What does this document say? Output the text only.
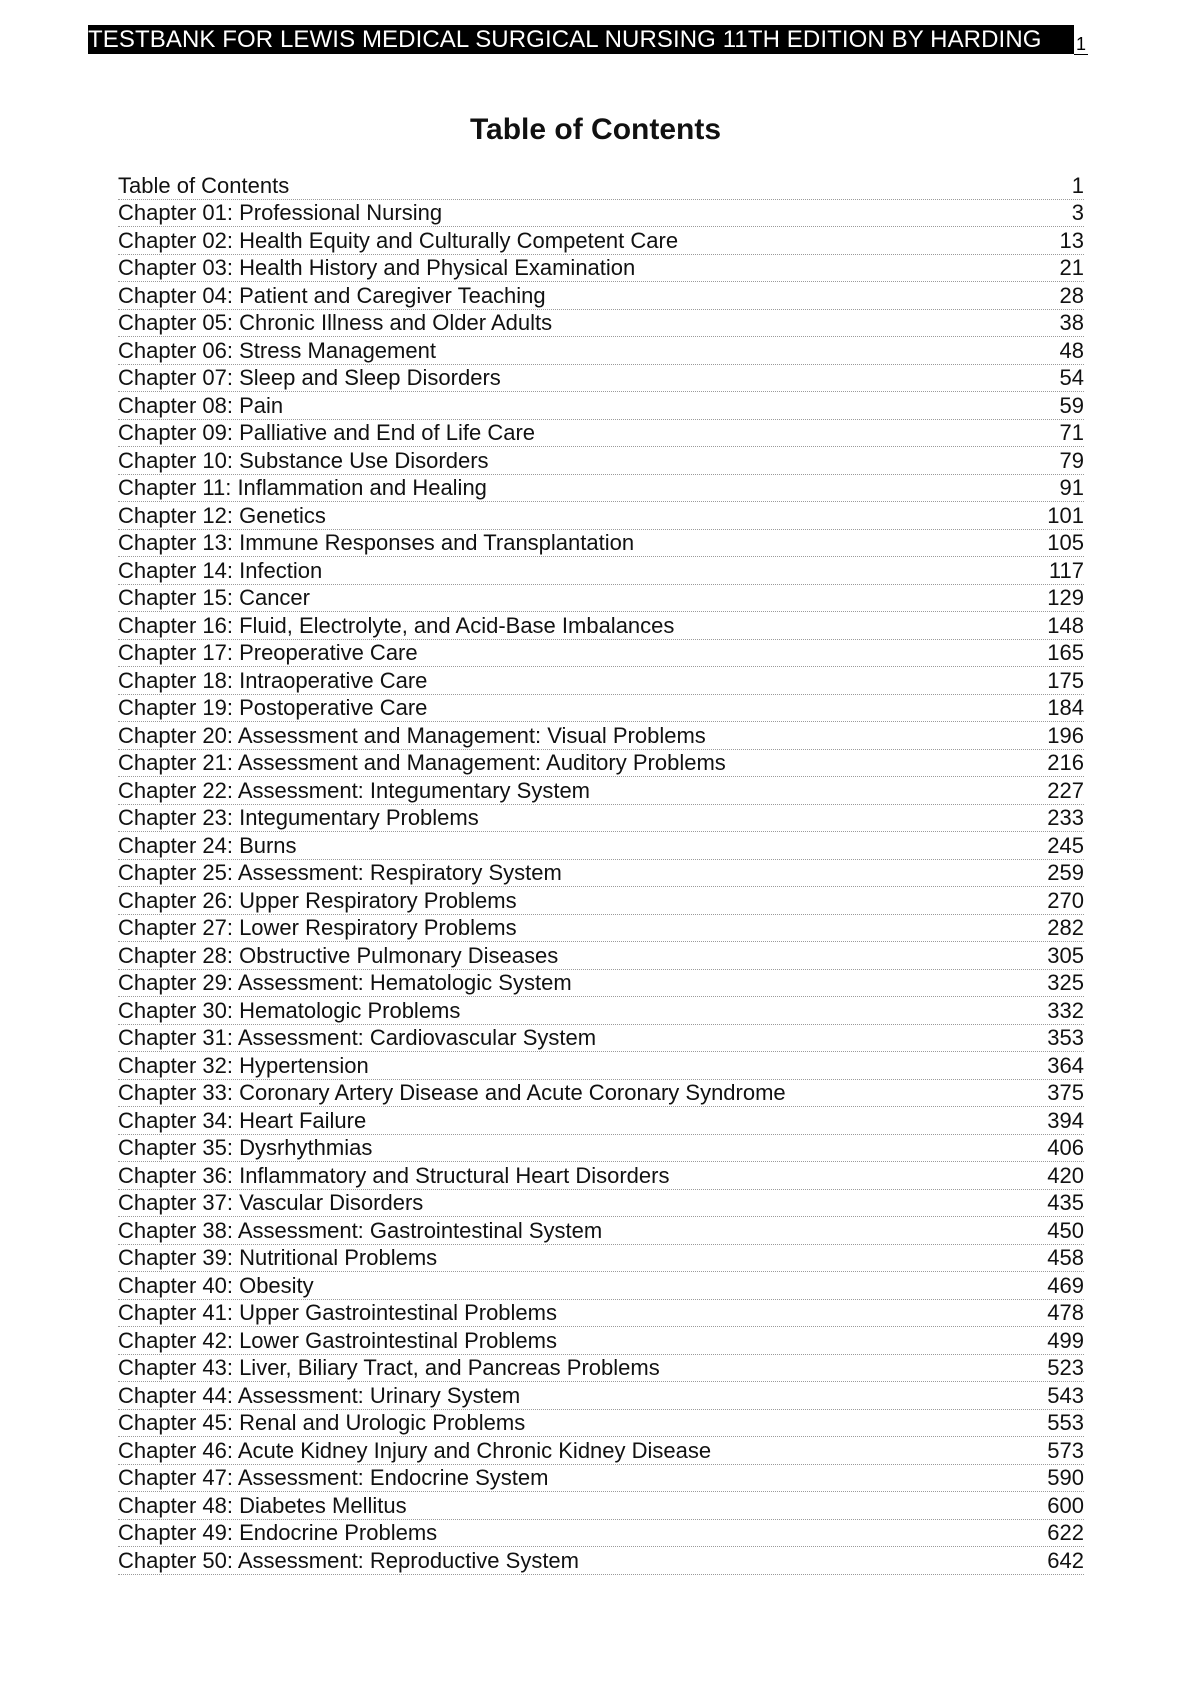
TESTBANK FOR LEWIS MEDICAL SURGICAL NURSING 11TH EDITION BY HARDING	1
Table of Contents
Table of Contents	1
Chapter 01: Professional Nursing	3
Chapter 02: Health Equity and Culturally Competent Care	13
Chapter 03: Health History and Physical Examination	21
Chapter 04: Patient and Caregiver Teaching	28
Chapter 05: Chronic Illness and Older Adults	38
Chapter 06: Stress Management	48
Chapter 07: Sleep and Sleep Disorders	54
Chapter 08: Pain	59
Chapter 09: Palliative and End of Life Care	71
Chapter 10: Substance Use Disorders	79
Chapter 11: Inflammation and Healing	91
Chapter 12: Genetics	101
Chapter 13: Immune Responses and Transplantation	105
Chapter 14: Infection	117
Chapter 15: Cancer	129
Chapter 16: Fluid, Electrolyte, and Acid-Base Imbalances	148
Chapter 17: Preoperative Care	165
Chapter 18: Intraoperative Care	175
Chapter 19: Postoperative Care	184
Chapter 20: Assessment and Management: Visual Problems	196
Chapter 21: Assessment and Management: Auditory Problems	216
Chapter 22: Assessment: Integumentary System	227
Chapter 23: Integumentary Problems	233
Chapter 24: Burns	245
Chapter 25: Assessment: Respiratory System	259
Chapter 26: Upper Respiratory Problems	270
Chapter 27: Lower Respiratory Problems	282
Chapter 28: Obstructive Pulmonary Diseases	305
Chapter 29: Assessment: Hematologic System	325
Chapter 30: Hematologic Problems	332
Chapter 31: Assessment: Cardiovascular System	353
Chapter 32: Hypertension	364
Chapter 33: Coronary Artery Disease and Acute Coronary Syndrome	375
Chapter 34: Heart Failure	394
Chapter 35: Dysrhythmias	406
Chapter 36: Inflammatory and Structural Heart Disorders	420
Chapter 37: Vascular Disorders	435
Chapter 38: Assessment: Gastrointestinal System	450
Chapter 39: Nutritional Problems	458
Chapter 40: Obesity	469
Chapter 41: Upper Gastrointestinal Problems	478
Chapter 42: Lower Gastrointestinal Problems	499
Chapter 43: Liver, Biliary Tract, and Pancreas Problems	523
Chapter 44: Assessment: Urinary System	543
Chapter 45: Renal and Urologic Problems	553
Chapter 46: Acute Kidney Injury and Chronic Kidney Disease	573
Chapter 47: Assessment: Endocrine System	590
Chapter 48: Diabetes Mellitus	600
Chapter 49: Endocrine Problems	622
Chapter 50: Assessment: Reproductive System	642
